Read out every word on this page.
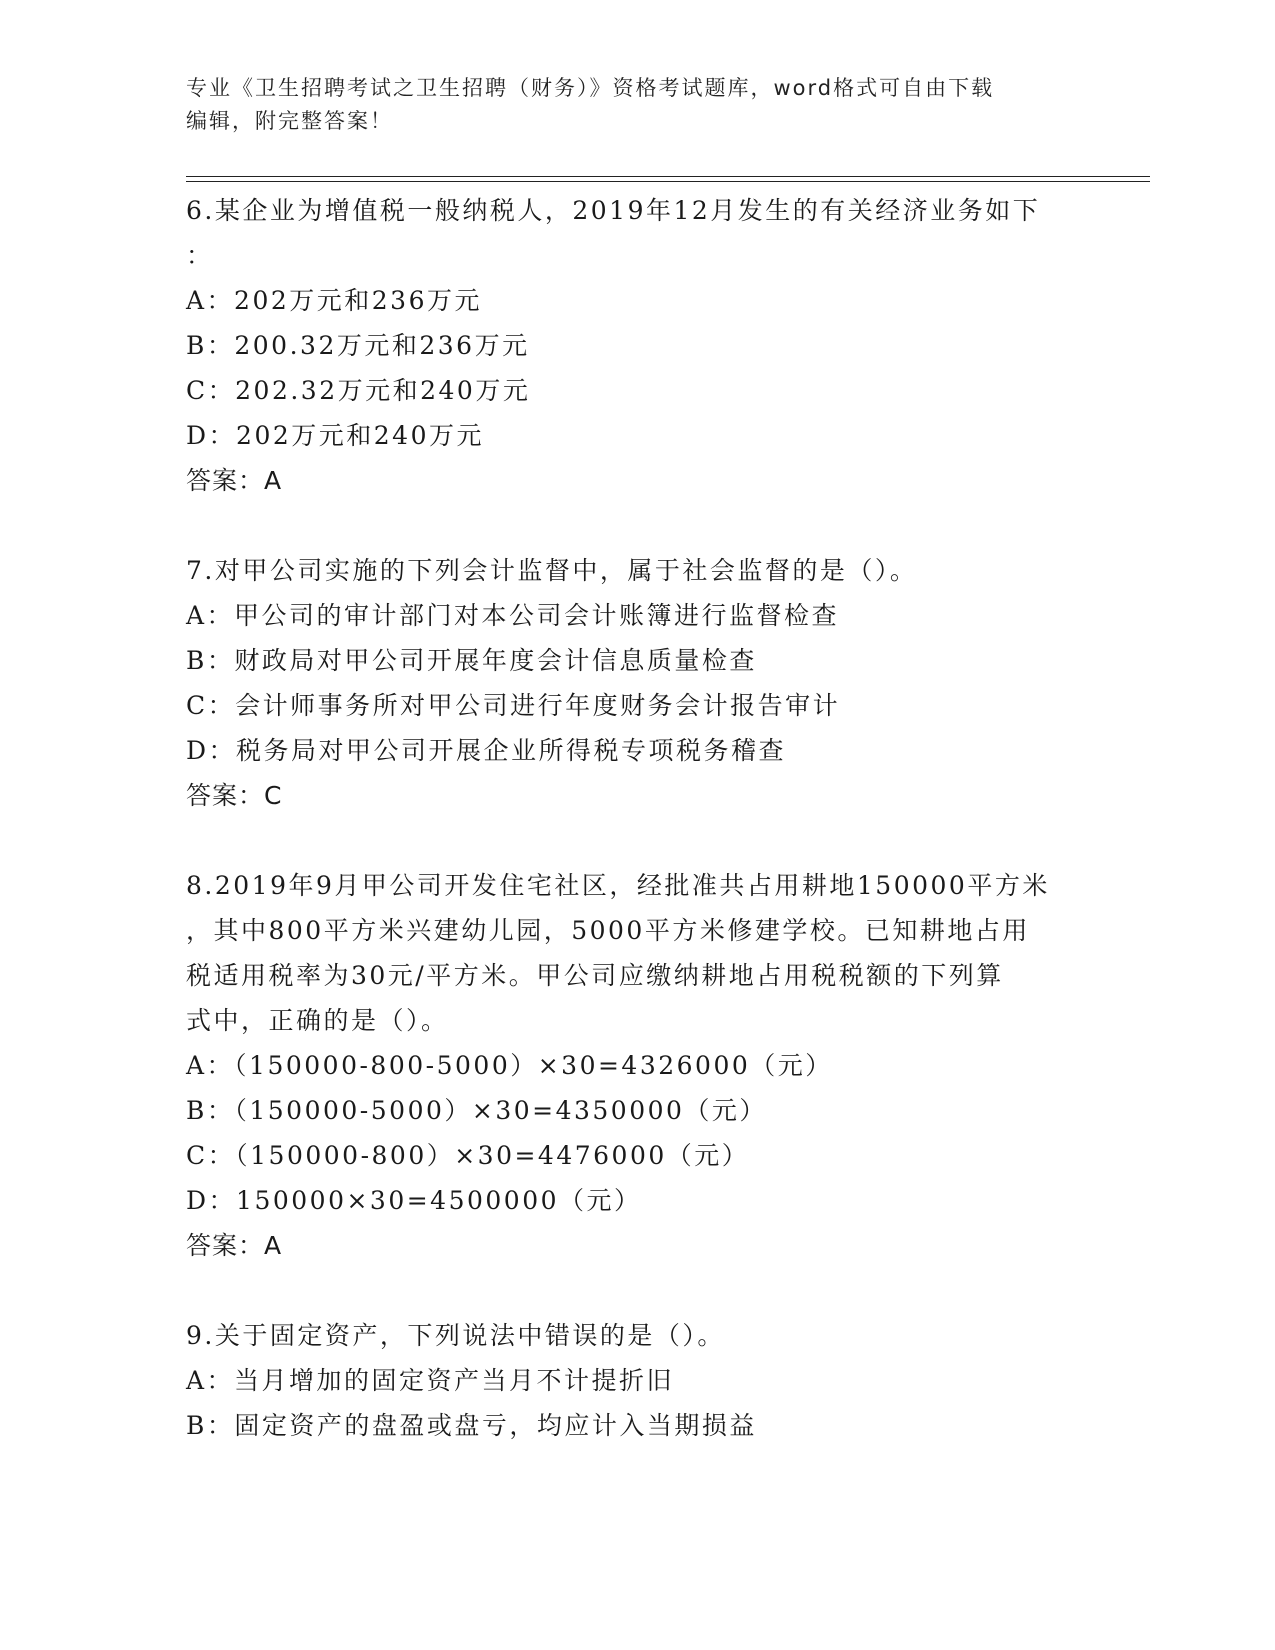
专业《卫生招聘考试之卫生招聘（财务）》资格考试题库，word格式可自由下载
编辑，附完整答案！

6.某企业为增值税一般纳税人，2019年12月发生的有关经济业务如下

：

A：202万元和236万元

B：200.32万元和236万元

C：202.32万元和240万元

D：202万元和240万元

答案：A

7.对甲公司实施的下列会计监督中，属于社会监督的是（）。

A：甲公司的审计部门对本公司会计账簿进行监督检查

B：财政局对甲公司开展年度会计信息质量检查

C：会计师事务所对甲公司进行年度财务会计报告审计

D：税务局对甲公司开展企业所得税专项税务稽查

答案：C

8.2019年9月甲公司开发住宅社区，经批准共占用耕地150000平方米

，其中800平方米兴建幼儿园，5000平方米修建学校。已知耕地占用

税适用税率为30元/平方米。甲公司应缴纳耕地占用税税额的下列算

式中，正确的是（）。

A：（150000-800-5000）×30=4326000（元）

B：（150000-5000）×30=4350000（元）

C：（150000-800）×30=4476000（元）

D：150000×30=4500000（元）

答案：A

9.关于固定资产，下列说法中错误的是（）。

A：当月增加的固定资产当月不计提折旧

B：固定资产的盘盈或盘亏，均应计入当期损益
